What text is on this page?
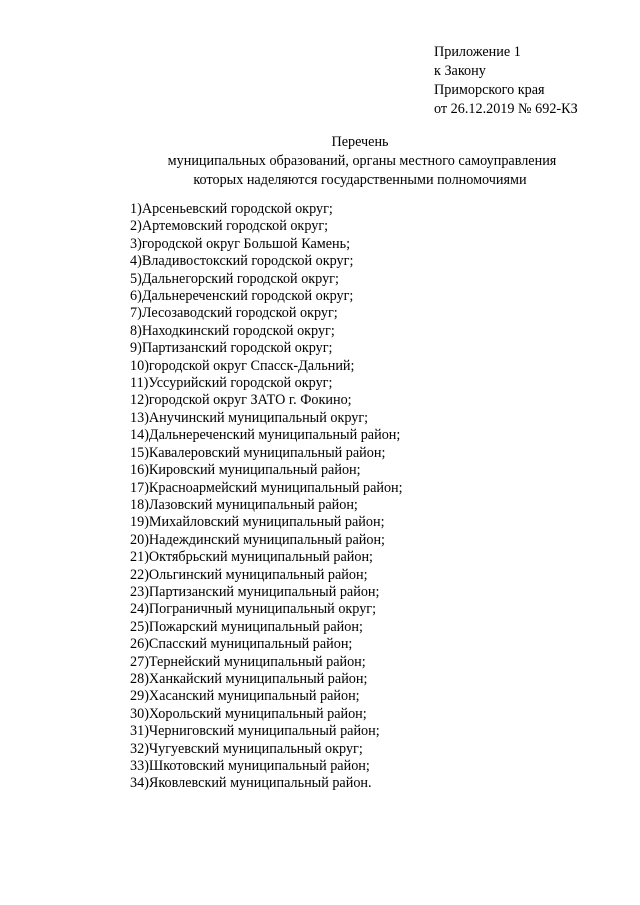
Приложение 1
к Закону
Приморского края
от 26.12.2019 № 692-КЗ
Перечень
муниципальных образований, органы местного самоуправления
которых наделяются государственными полномочиями
1)Арсеньевский городской округ;
2)Артемовский городской округ;
3)городской округ Большой Камень;
4)Владивостокский городской округ;
5)Дальнегорский городской округ;
6)Дальнереченский городской округ;
7)Лесозаводский городской округ;
8)Находкинский городской округ;
9)Партизанский городской округ;
10)городской округ Спасск-Дальний;
11)Уссурийский городской округ;
12)городской округ ЗАТО г. Фокино;
13)Анучинский муниципальный округ;
14)Дальнереченский муниципальный район;
15)Кавалеровский муниципальный район;
16)Кировский муниципальный район;
17)Красноармейский муниципальный район;
18)Лазовский муниципальный район;
19)Михайловский муниципальный район;
20)Надеждинский муниципальный район;
21)Октябрьский муниципальный район;
22)Ольгинский муниципальный район;
23)Партизанский муниципальный район;
24)Пограничный муниципальный округ;
25)Пожарский муниципальный район;
26)Спасский муниципальный район;
27)Тернейский муниципальный район;
28)Ханкайский муниципальный район;
29)Хасанский муниципальный район;
30)Хорольский муниципальный район;
31)Черниговский муниципальный район;
32)Чугуевский муниципальный округ;
33)Шкотовский муниципальный район;
34)Яковлевский муниципальный район.
